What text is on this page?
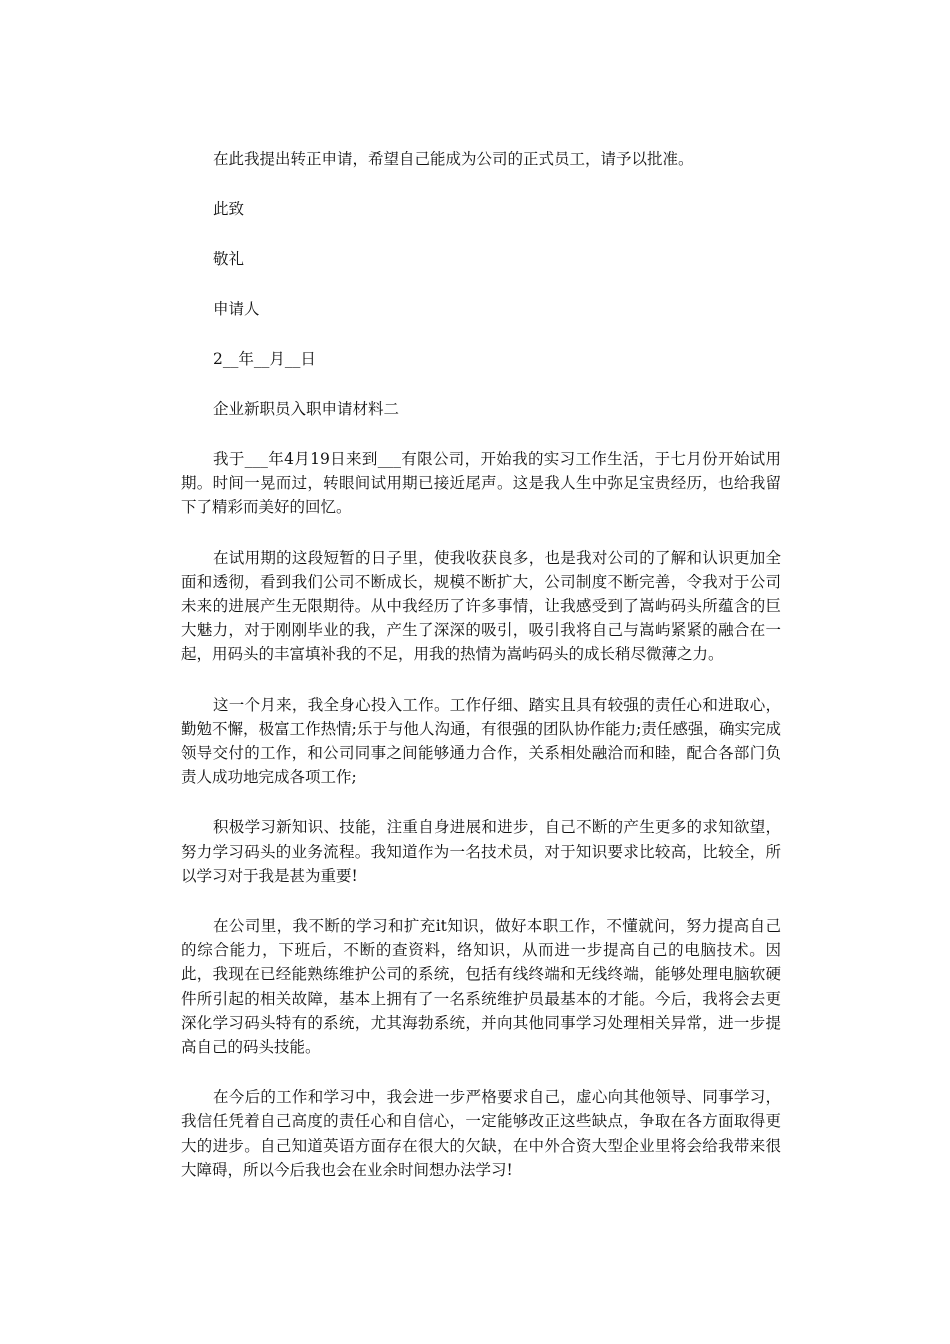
在此我提出转正申请，希望自己能成为公司的正式员工，请予以批准。

此致

敬礼

申请人

2__年__月__日

企业新职员入职申请材料二

我于___年4月19日来到___有限公司，开始我的实习工作生活，于七月份开始试用期。时间一晃而过，转眼间试用期已接近尾声。这是我人生中弥足宝贵经历，也给我留下了精彩而美好的回忆。

在试用期的这段短暂的日子里，使我收获良多，也是我对公司的了解和认识更加全面和透彻，看到我们公司不断成长，规模不断扩大，公司制度不断完善，令我对于公司未来的进展产生无限期待。从中我经历了许多事情，让我感受到了嵩屿码头所蕴含的巨大魅力，对于刚刚毕业的我，产生了深深的吸引，吸引我将自己与嵩屿紧紧的融合在一起，用码头的丰富填补我的不足，用我的热情为嵩屿码头的成长稍尽微薄之力。

这一个月来，我全身心投入工作。工作仔细、踏实且具有较强的责任心和进取心，勤勉不懈，极富工作热情;乐于与他人沟通，有很强的团队协作能力;责任感强，确实完成领导交付的工作，和公司同事之间能够通力合作，关系相处融洽而和睦，配合各部门负责人成功地完成各项工作;

积极学习新知识、技能，注重自身进展和进步，自己不断的产生更多的求知欲望，努力学习码头的业务流程。我知道作为一名技术员，对于知识要求比较高，比较全，所以学习对于我是甚为重要!

在公司里，我不断的学习和扩充it知识，做好本职工作，不懂就问，努力提高自己的综合能力，下班后，不断的查资料，络知识，从而进一步提高自己的电脑技术。因此，我现在已经能熟练维护公司的系统，包括有线终端和无线终端，能够处理电脑软硬件所引起的相关故障，基本上拥有了一名系统维护员最基本的才能。今后，我将会去更深化学习码头特有的系统，尤其海勃系统，并向其他同事学习处理相关异常，进一步提高自己的码头技能。

在今后的工作和学习中，我会进一步严格要求自己，虚心向其他领导、同事学习，我信任凭着自己高度的责任心和自信心，一定能够改正这些缺点，争取在各方面取得更大的进步。自己知道英语方面存在很大的欠缺，在中外合资大型企业里将会给我带来很大障碍，所以今后我也会在业余时间想办法学习!
